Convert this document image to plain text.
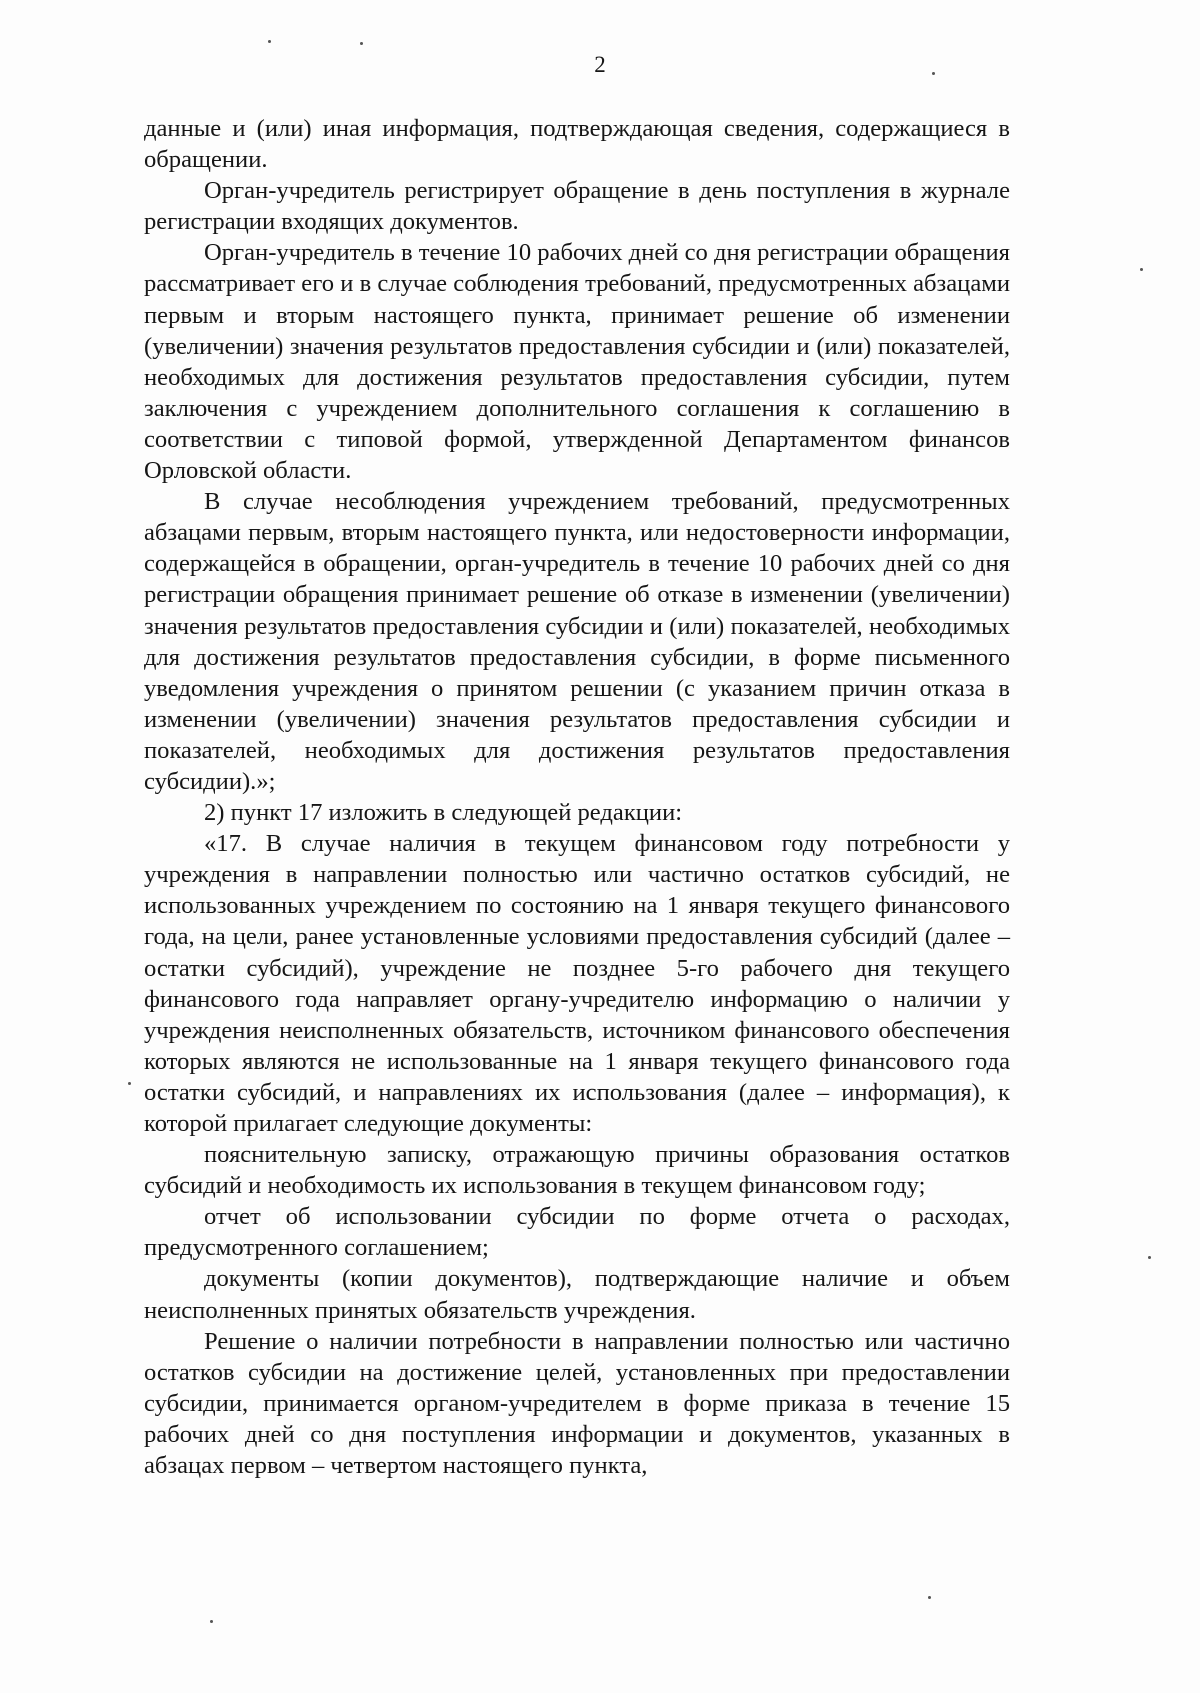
2

данные и (или) иная информация, подтверждающая сведения, содержащиеся в обращении.

Орган-учредитель регистрирует обращение в день поступления в журнале регистрации входящих документов.

Орган-учредитель в течение 10 рабочих дней со дня регистрации обращения рассматривает его и в случае соблюдения требований, предусмотренных абзацами первым и вторым настоящего пункта, принимает решение об изменении (увеличении) значения результатов предоставления субсидии и (или) показателей, необходимых для достижения результатов предоставления субсидии, путем заключения с учреждением дополнительного соглашения к соглашению в соответствии с типовой формой, утвержденной Департаментом финансов Орловской области.

В случае несоблюдения учреждением требований, предусмотренных абзацами первым, вторым настоящего пункта, или недостоверности информации, содержащейся в обращении, орган-учредитель в течение 10 рабочих дней со дня регистрации обращения принимает решение об отказе в изменении (увеличении) значения результатов предоставления субсидии и (или) показателей, необходимых для достижения результатов предоставления субсидии, в форме письменного уведомления учреждения о принятом решении (с указанием причин отказа в изменении (увеличении) значения результатов предоставления субсидии и показателей, необходимых для достижения результатов предоставления субсидии).»;

2) пункт 17 изложить в следующей редакции:

«17. В случае наличия в текущем финансовом году потребности у учреждения в направлении полностью или частично остатков субсидий, не использованных учреждением по состоянию на 1 января текущего финансового года, на цели, ранее установленные условиями предоставления субсидий (далее – остатки субсидий), учреждение не позднее 5-го рабочего дня текущего финансового года направляет органу-учредителю информацию о наличии у учреждения неисполненных обязательств, источником финансового обеспечения которых являются не использованные на 1 января текущего финансового года остатки субсидий, и направлениях их использования (далее – информация), к которой прилагает следующие документы:

пояснительную записку, отражающую причины образования остатков субсидий и необходимость их использования в текущем финансовом году;

отчет об использовании субсидии по форме отчета о расходах, предусмотренного соглашением;

документы (копии документов), подтверждающие наличие и объем неисполненных принятых обязательств учреждения.

Решение о наличии потребности в направлении полностью или частично остатков субсидии на достижение целей, установленных при предоставлении субсидии, принимается органом-учредителем в форме приказа в течение 15 рабочих дней со дня поступления информации и документов, указанных в абзацах первом – четвертом настоящего пункта,
